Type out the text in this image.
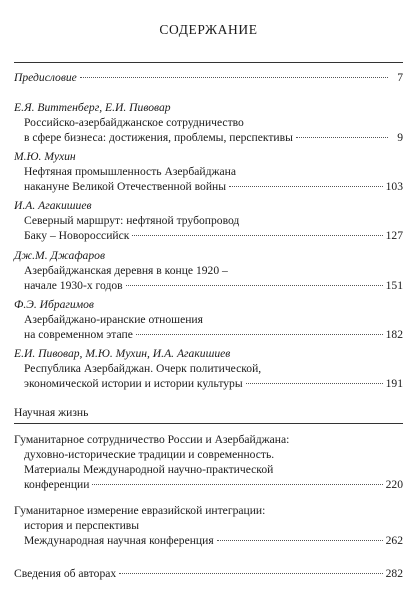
СОДЕРЖАНИЕ
Предисловие	7
Е.Я. Виттенберг, Е.И. Пивовар
Российско-азербайджанское сотрудничество
в сфере бизнеса: достижения, проблемы, перспективы	9
М.Ю. Мухин
Нефтяная промышленность Азербайджана
накануне Великой Отечественной войны	103
И.А. Агакишиев
Северный маршрут: нефтяной трубопровод
Баку – Новороссийск	127
Дж.М. Джафаров
Азербайджанская деревня в конце 1920 –
начале 1930-х годов	151
Ф.Э. Ибрагимов
Азербайджано-иранские отношения
на современном этапе	182
Е.И. Пивовар, М.Ю. Мухин, И.А. Агакишиев
Республика Азербайджан. Очерк политической,
экономической истории и истории культуры	191
Научная жизнь
Гуманитарное сотрудничество России и Азербайджана:
духовно-исторические традиции и современность.
Материалы Международной научно-практической
конференции	220
Гуманитарное измерение евразийской интеграции:
история и перспективы
Международная научная конференция	262
Сведения об авторах	282
